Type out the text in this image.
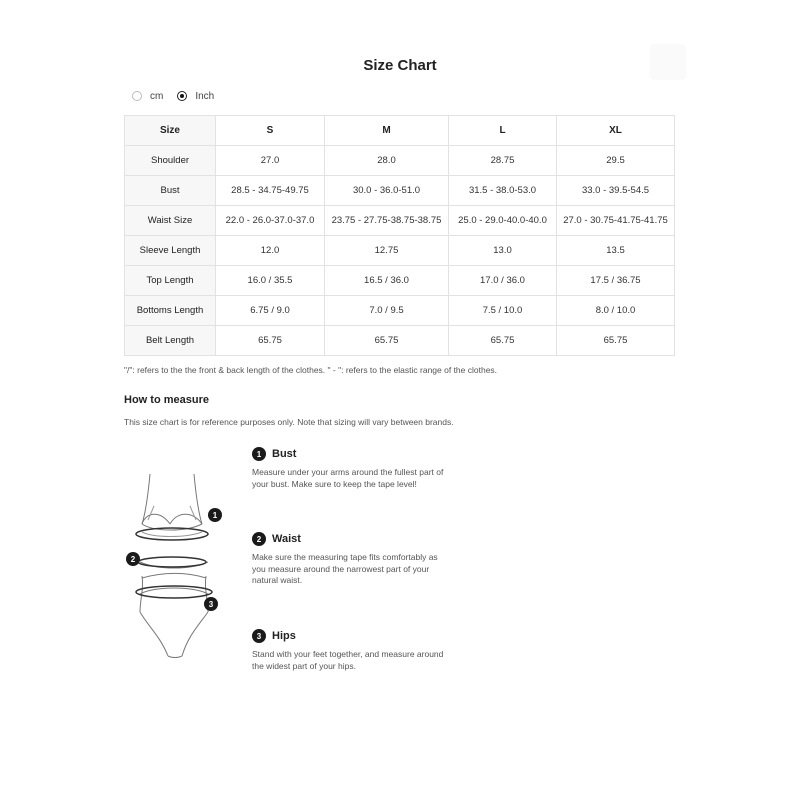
Size Chart
cm	Inch
Size	S	M	L	XL
Shoulder	27.0	28.0	28.75	29.5
Bust	28.5 - 34.75-49.75	30.0 - 36.0-51.0	31.5 - 38.0-53.0	33.0 - 39.5-54.5
Waist Size	22.0 - 26.0-37.0-37.0	23.75 - 27.75-38.75-38.75	25.0 - 29.0-40.0-40.0	27.0 - 30.75-41.75-41.75
Sleeve Length	12.0	12.75	13.0	13.5
Top Length	16.0 / 35.5	16.5 / 36.0	17.0 / 36.0	17.5 / 36.75
Bottoms Length	6.75 / 9.0	7.0 / 9.5	7.5 / 10.0	8.0 / 10.0
Belt Length	65.75	65.75	65.75	65.75
"/": refers to the the front & back length of the clothes. " - ": refers to the elastic range of the clothes.
How to measure
This size chart is for reference purposes only. Note that sizing will vary between brands.
1
2
3
1 Bust
Measure under your arms around the fullest part of your bust. Make sure to keep the tape level!
2 Waist
Make sure the measuring tape fits comfortably as you measure around the narrowest part of your natural waist.
3 Hips
Stand with your feet together, and measure around the widest part of your hips.
